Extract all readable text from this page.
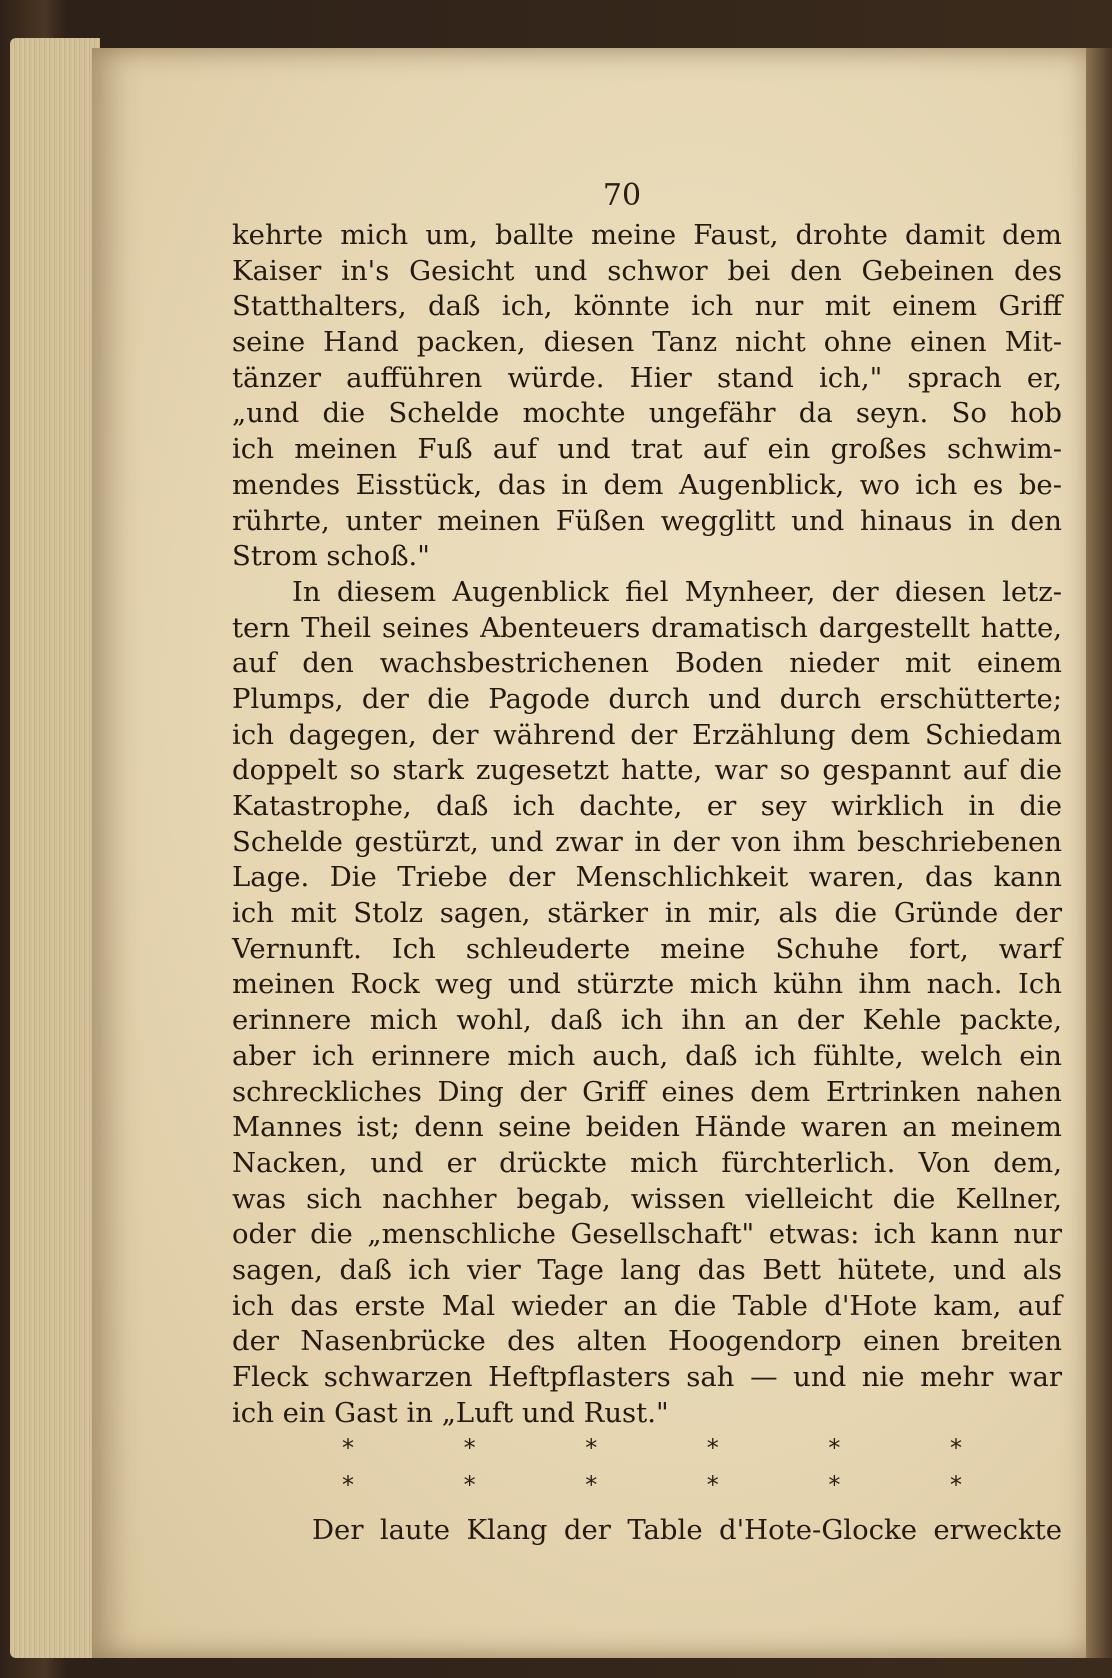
70
kehrte mich um, ballte meine Faust, drohte damit dem
Kaiser in's Gesicht und schwor bei den Gebeinen des
Statthalters, daß ich, könnte ich nur mit einem Griff
seine Hand packen, diesen Tanz nicht ohne einen Mit-
tänzer aufführen würde. Hier stand ich," sprach er,
„und die Schelde mochte ungefähr da seyn. So hob
ich meinen Fuß auf und trat auf ein großes schwim-
mendes Eisstück, das in dem Augenblick, wo ich es be-
rührte, unter meinen Füßen wegglitt und hinaus in den
Strom schoß."
In diesem Augenblick fiel Mynheer, der diesen letz-
tern Theil seines Abenteuers dramatisch dargestellt hatte,
auf den wachsbestrichenen Boden nieder mit einem
Plumps, der die Pagode durch und durch erschütterte;
ich dagegen, der während der Erzählung dem Schiedam
doppelt so stark zugesetzt hatte, war so gespannt auf die
Katastrophe, daß ich dachte, er sey wirklich in die
Schelde gestürzt, und zwar in der von ihm beschriebenen
Lage. Die Triebe der Menschlichkeit waren, das kann
ich mit Stolz sagen, stärker in mir, als die Gründe der
Vernunft. Ich schleuderte meine Schuhe fort, warf
meinen Rock weg und stürzte mich kühn ihm nach. Ich
erinnere mich wohl, daß ich ihn an der Kehle packte,
aber ich erinnere mich auch, daß ich fühlte, welch ein
schreckliches Ding der Griff eines dem Ertrinken nahen
Mannes ist; denn seine beiden Hände waren an meinem
Nacken, und er drückte mich fürchterlich. Von dem,
was sich nachher begab, wissen vielleicht die Kellner,
oder die „menschliche Gesellschaft" etwas: ich kann nur
sagen, daß ich vier Tage lang das Bett hütete, und als
ich das erste Mal wieder an die Table d'Hote kam, auf
der Nasenbrücke des alten Hoogendorp einen breiten
Fleck schwarzen Heftpflasters sah — und nie mehr war
ich ein Gast in „Luft und Rust."
*	*	*	*	*	*
*	*	*	*	*	*
Der laute Klang der Table d'Hote-Glocke erweckte
